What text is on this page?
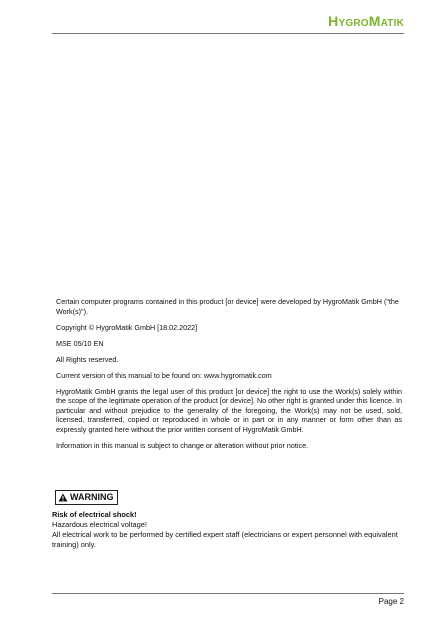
HYGROMATIK

Certain computer programs contained in this product [or device] were developed by HygroMatik GmbH ("the Work(s)").

Copyright © HygroMatik GmbH [18.02.2022]

MSE 05/10 EN

All Rights reserved.

Current version of this manual to be found on: www.hygromatik.com

HygroMatik GmbH grants the legal user of this product [or device] the right to use the Work(s) solely within the scope of the legitimate operation of the product [or device]. No other right is granted under this licence. In particular and without prejudice to the generality of the foregoing, the Work(s) may not be used, sold, licensed, transferred, copied or reproduced in whole or in part or in any manner or form other than as expressly granted here without the prior written consent of HygroMatik GmbH.

Information in this manual is subject to change or alteration without prior notice.

WARNING
Risk of electrical shock!
Hazardous electrical voltage!
All electrical work to be performed by certified expert staff (electricians or expert personnel with equivalent training) only.
Page 2
